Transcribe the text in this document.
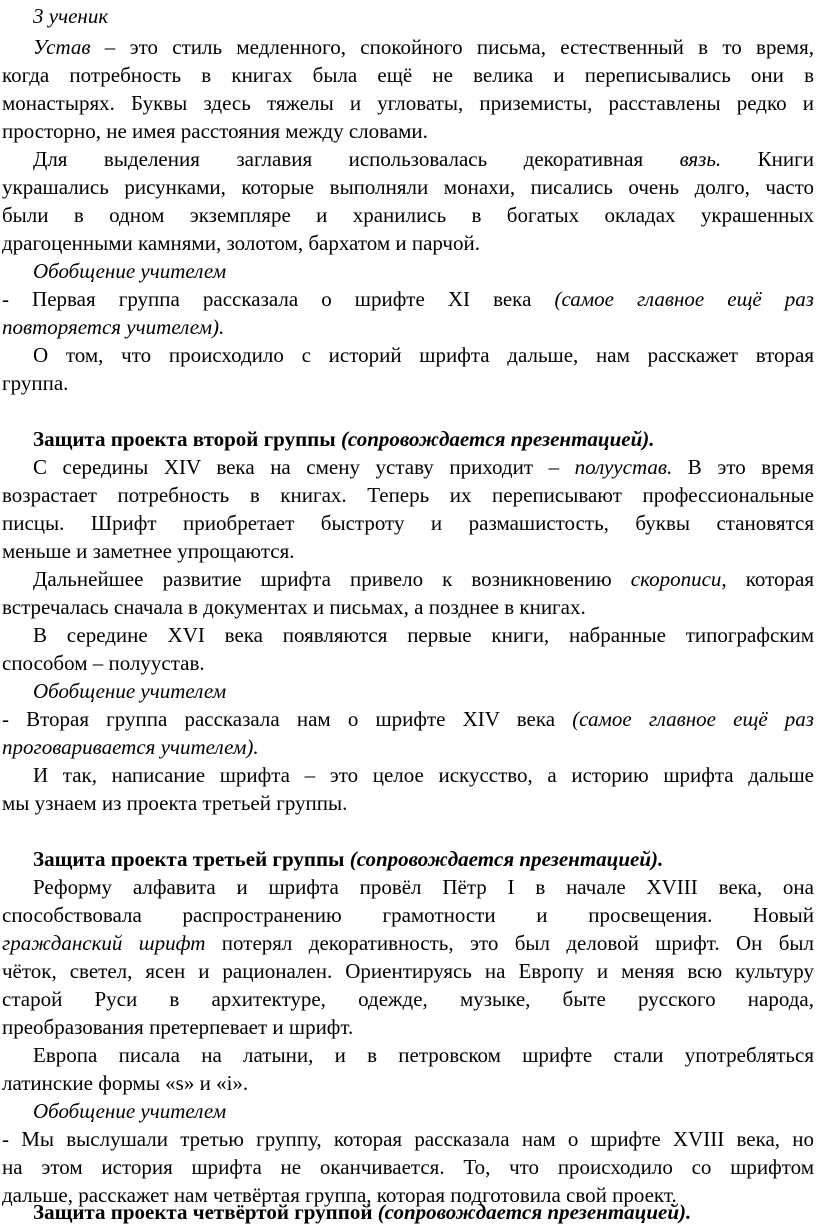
3 ученик
Устав – это стиль медленного, спокойного письма, естественный в то время,
когда потребность в книгах была ещё не велика и переписывались они в
монастырях. Буквы здесь тяжелы и угловаты, приземисты, расставлены редко и
просторно, не имея расстояния между словами.
Для выделения заглавия использовалась декоративная вязь. Книги
украшались рисунками, которые выполняли монахи, писались очень долго, часто
были в одном экземпляре и хранились в богатых окладах украшенных
драгоценными камнями, золотом, бархатом и парчой.
Обобщение учителем
- Первая группа рассказала о шрифте XI века (самое главное ещё раз
повторяется учителем).
О том, что происходило с историй шрифта дальше, нам расскажет вторая
группа.
Защита проекта второй группы (сопровождается презентацией).
С середины XIV века на смену уставу приходит – полуустав. В это время
возрастает потребность в книгах. Теперь их переписывают профессиональные
писцы. Шрифт приобретает быстроту и размашистость, буквы становятся
меньше и заметнее упрощаются.
Дальнейшее развитие шрифта привело к возникновению скорописи, которая
встречалась сначала в документах и письмах, а позднее в книгах.
В середине XVI века появляются первые книги, набранные типографским
способом – полуустав.
Обобщение учителем
- Вторая группа рассказала нам о шрифте XIV века (самое главное ещё раз
проговаривается учителем).
И так, написание шрифта – это целое искусство, а историю шрифта дальше
мы узнаем из проекта третьей группы.
Защита проекта третьей группы (сопровождается презентацией).
Реформу алфавита и шрифта провёл Пётр I в начале XVIII века, она
способствовала распространению грамотности и просвещения. Новый
гражданский шрифт потерял декоративность, это был деловой шрифт. Он был
чёток, светел, ясен и рационален. Ориентируясь на Европу и меняя всю культуру
старой Руси в архитектуре, одежде, музыке, быте русского народа,
преобразования претерпевает и шрифт.
Европа писала на латыни, и в петровском шрифте стали употребляться
латинские формы «s» и «i».
Обобщение учителем
- Мы выслушали третью группу, которая рассказала нам о шрифте XVIII века, но
на этом история шрифта не оканчивается. То, что происходило со шрифтом
дальше, расскажет нам четвёртая группа, которая подготовила свой проект.
Защита проекта четвёртой группой (сопровождается презентацией).
